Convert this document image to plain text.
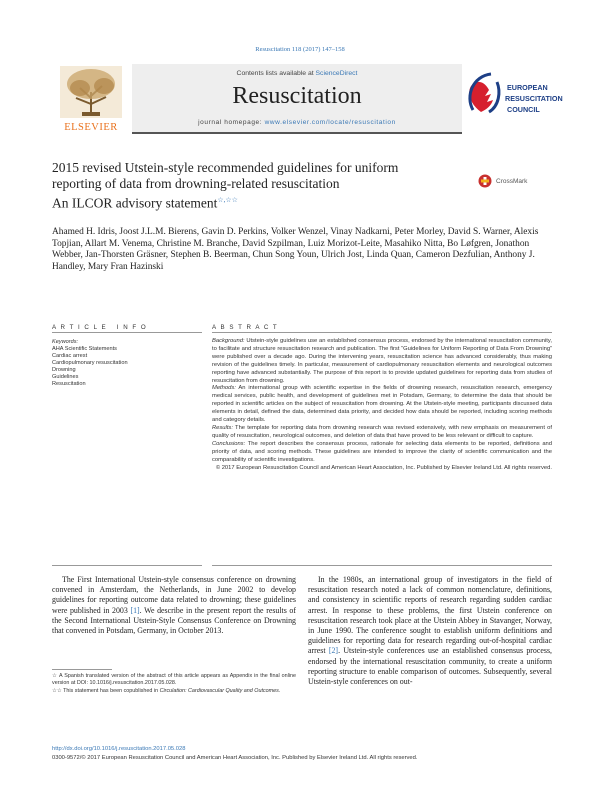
Resuscitation 118 (2017) 147–158
ELSEVIER
Contents lists available at ScienceDirect
Resuscitation
journal homepage: www.elsevier.com/locate/resuscitation
EUROPEAN
RESUSCITATION
COUNCIL
2015 revised Utstein-style recommended guidelines for uniform
reporting of data from drowning-related resuscitation
An ILCOR advisory statement☆,☆☆
CrossMark
Ahamed H. Idris, Joost J.L.M. Bierens, Gavin D. Perkins, Volker Wenzel, Vinay Nadkarni, Peter Morley, David S. Warner, Alexis Topjian, Allart M. Venema, Christine M. Branche, David Szpilman, Luiz Morizot-Leite, Masahiko Nitta, Bo Løfgren, Jonathon Webber, Jan-Thorsten Gräsner, Stephen B. Beerman, Chun Song Youn, Ulrich Jost, Linda Quan, Cameron Dezfulian, Anthony J. Handley, Mary Fran Hazinski
A R T I C L E   I N F O	A B S T R A C T
Keywords:
AHA Scientific Statements
Cardiac arrest
Cardiopulmonary resuscitation
Drowning
Guidelines
Resuscitation

Background: Utstein-style guidelines use an established consensus process, endorsed by the international resuscitation community, to facilitate and structure resuscitation research and publication. The first “Guidelines for Uniform Reporting of Data From Drowning” were published over a decade ago. During the intervening years, resuscitation science has advanced considerably, thus making revision of the guidelines timely. In particular, measurement of cardiopulmonary resuscitation elements and neurological outcomes reporting have advanced substantially. The purpose of this report is to provide updated guidelines for reporting data from studies of resuscitation from drowning.

Methods: An international group with scientific expertise in the fields of drowning research, resuscitation research, emergency medical services, public health, and development of guidelines met in Potsdam, Germany, to determine the data that should be reported in scientific articles on the subject of resuscitation from drowning. At the Utstein-style meeting, participants discussed data elements in detail, defined the data, determined data priority, and decided how data should be reported, including scoring methods and category details.

Results: The template for reporting data from drowning research was revised extensively, with new emphasis on measurement of quality of resuscitation, neurological outcomes, and deletion of data that have proved to be less relevant or difficult to capture.

Conclusions: The report describes the consensus process, rationale for selecting data elements to be reported, definitions and priority of data, and scoring methods. These guidelines are intended to improve the clarity of scientific communication and the comparability of scientific investigations.

© 2017 European Resuscitation Council and American Heart Association, Inc. Published by Elsevier Ireland Ltd. All rights reserved.

The First International Utstein-style consensus conference on drowning convened in Amsterdam, the Netherlands, in June 2002 to develop guidelines for reporting outcome data related to drowning; these guidelines were published in 2003 [1]. We describe in the present report the results of the Second International Utstein-Style Consensus Conference on Drowning that convened in Potsdam, Germany, in October 2013.

In the 1980s, an international group of investigators in the field of resuscitation research noted a lack of common nomenclature, definitions, and consistency in scientific reports of research regarding sudden cardiac arrest. In response to these problems, the first Utstein conference on resuscitation research took place at the Utstein Abbey in Stavanger, Norway, in June 1990. The conference sought to establish uniform definitions and guidelines for reporting data for research regarding out-of-hospital cardiac arrest [2]. Utstein-style conferences use an established consensus process, endorsed by the international resuscitation community, to create a uniform reporting structure to enable comparison of outcomes. Subsequently, several Utstein-style conferences on out-

☆ A Spanish translated version of the abstract of this article appears as Appendix in the final online version at DOI: 10.1016/j.resuscitation.2017.05.028.

☆☆ This statement has been copublished in Circulation: Cardiovascular Quality and Outcomes.

http://dx.doi.org/10.1016/j.resuscitation.2017.05.028
0300-9572/© 2017 European Resuscitation Council and American Heart Association, Inc. Published by Elsevier Ireland Ltd. All rights reserved.
